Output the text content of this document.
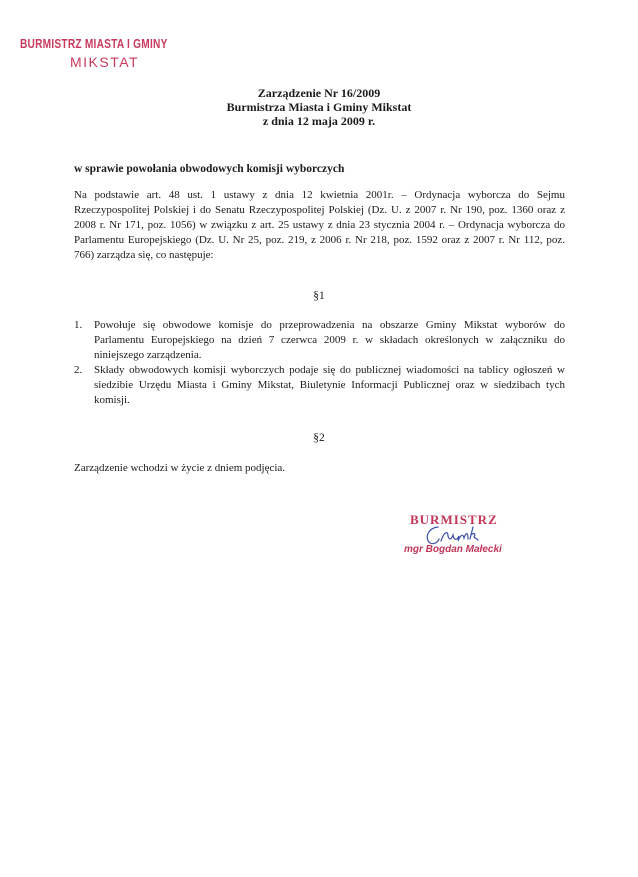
BURMISTRZ MIASTA I GMINY
MIKSTAT
Zarządzenie Nr 16/2009
Burmistrza Miasta i Gminy Mikstat
z dnia 12 maja 2009 r.
w sprawie powołania obwodowych komisji wyborczych

Na podstawie art. 48 ust. 1 ustawy z dnia 12 kwietnia 2001r. – Ordynacja wyborcza do Sejmu Rzeczypospolitej Polskiej i do Senatu Rzeczypospolitej Polskiej (Dz. U. z 2007 r. Nr 190, poz. 1360 oraz z 2008 r. Nr 171, poz. 1056) w związku z art. 25 ustawy z dnia 23 stycznia 2004 r. – Ordynacja wyborcza do Parlamentu Europejskiego (Dz. U. Nr 25, poz. 219, z 2006 r. Nr 218, poz. 1592 oraz z 2007 r. Nr 112, poz. 766) zarządza się, co następuje:

§1
1. Powołuje się obwodowe komisje do przeprowadzenia na obszarze Gminy Mikstat wyborów do Parlamentu Europejskiego na dzień 7 czerwca 2009 r. w składach określonych w załączniku do niniejszego zarządzenia.
2. Składy obwodowych komisji wyborczych podaje się do publicznej wiadomości na tablicy ogłoszeń w siedzibie Urzędu Miasta i Gminy Mikstat, Biuletynie Informacji Publicznej oraz w siedzibach tych komisji.
§2

Zarządzenie wchodzi w życie z dniem podjęcia.

BURMISTRZ
mgr Bogdan Małecki
